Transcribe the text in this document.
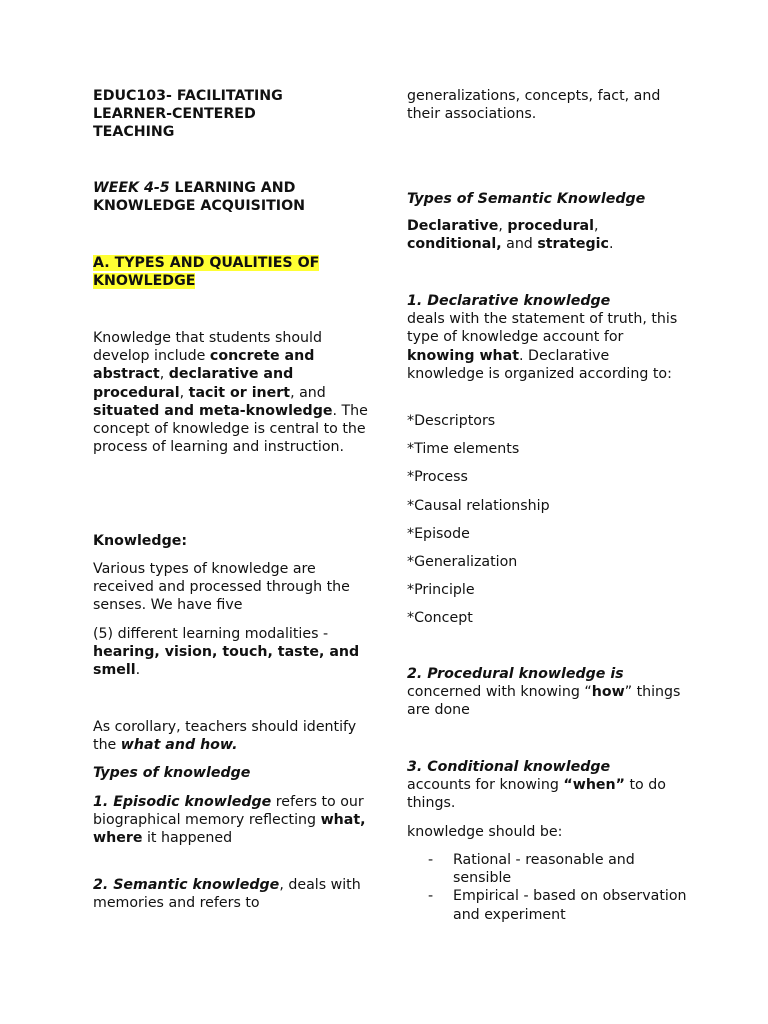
EDUC103- FACILITATING
LEARNER-CENTERED
TEACHING
WEEK 4-5 LEARNING AND
KNOWLEDGE ACQUISITION
A. TYPES AND QUALITIES OF
KNOWLEDGE

Knowledge that students should develop include concrete and abstract, declarative and procedural, tacit or inert, and situated and meta-knowledge. The concept of knowledge is central to the process of learning and instruction.

Knowledge:

Various types of knowledge are received and processed through the senses. We have five

(5) different learning modalities - hearing, vision, touch, taste, and smell.

As corollary, teachers should identify the what and how.

Types of knowledge

1. Episodic knowledge refers to our biographical memory reflecting what, where it happened

2. Semantic knowledge, deals with memories and refers to

generalizations, concepts, fact, and their associations.

Types of Semantic Knowledge

Declarative, procedural,
conditional, and strategic.

1. Declarative knowledge
deals with the statement of truth, this type of knowledge account for knowing what. Declarative knowledge is organized according to:

*Descriptors
*Time elements
*Process
*Causal relationship
*Episode
*Generalization
*Principle
*Concept

2. Procedural knowledge is
concerned with knowing “how” things are done

3. Conditional knowledge
accounts for knowing “when” to do things.

knowledge should be:

- Rational - reasonable and sensible
- Empirical - based on observation and experiment
